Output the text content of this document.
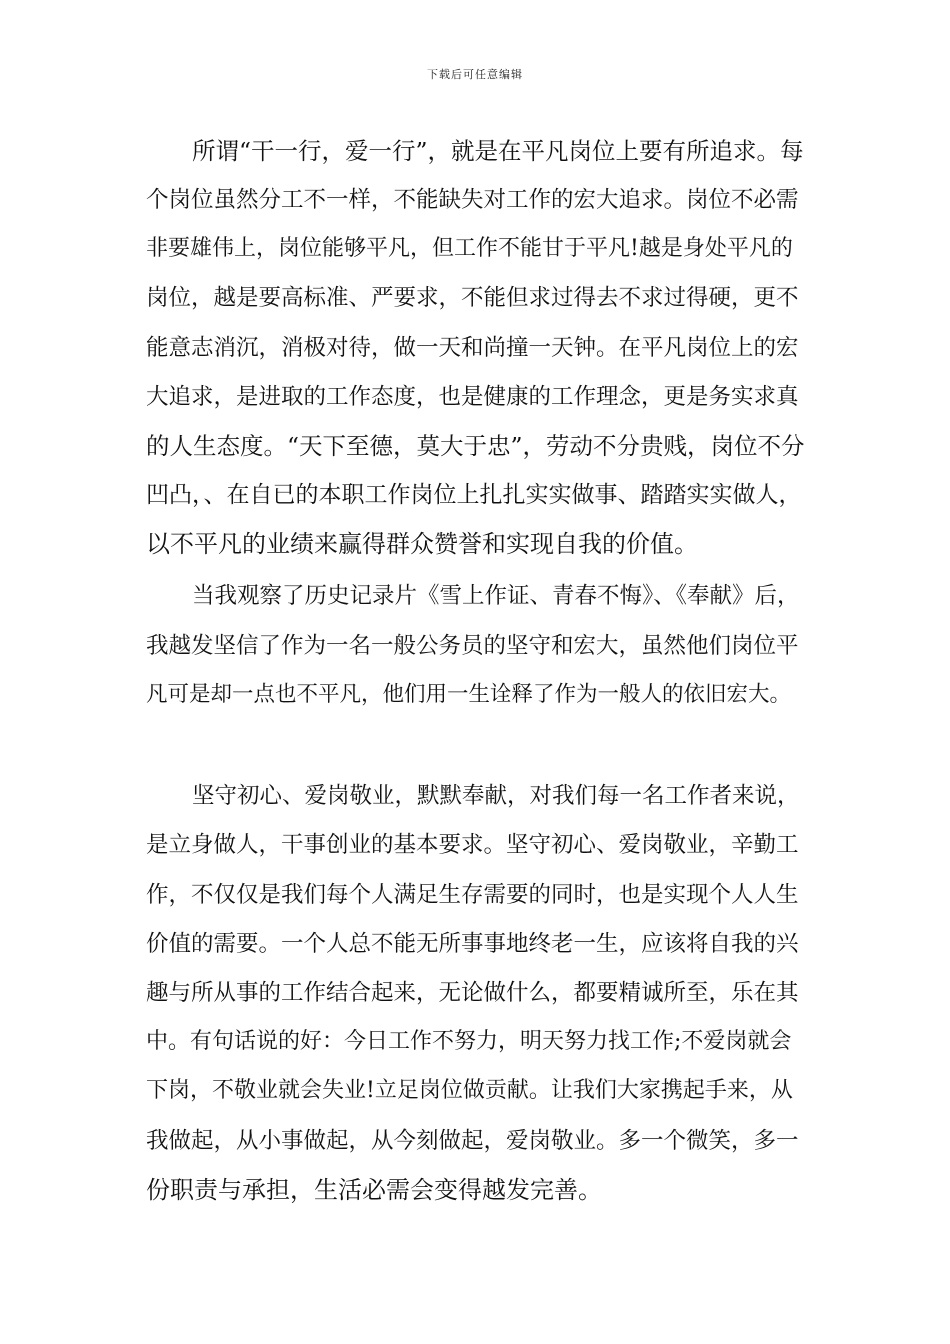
下载后可任意编辑
所谓“干一行，爱一行”，就是在平凡岗位上要有所追求。每
个岗位虽然分工不一样，不能缺失对工作的宏大追求。岗位不必需
非要雄伟上，岗位能够平凡，但工作不能甘于平凡!越是身处平凡的
岗位，越是要高标准、严要求，不能但求过得去不求过得硬，更不
能意志消沉，消极对待，做一天和尚撞一天钟。在平凡岗位上的宏
大追求，是进取的工作态度，也是健康的工作理念，更是务实求真
的人生态度。“天下至德，莫大于忠”，劳动不分贵贱，岗位不分
凹凸，、在自已的本职工作岗位上扎扎实实做事、踏踏实实做人，
以不平凡的业绩来赢得群众赞誉和实现自我的价值。
当我观察了历史记录片《雪上作证、青春不悔》、《奉献》后，
我越发坚信了作为一名一般公务员的坚守和宏大，虽然他们岗位平
凡可是却一点也不平凡，他们用一生诠释了作为一般人的依旧宏大。
坚守初心、爱岗敬业，默默奉献，对我们每一名工作者来说，
是立身做人，干事创业的基本要求。坚守初心、爱岗敬业，辛勤工
作，不仅仅是我们每个人满足生存需要的同时，也是实现个人人生
价值的需要。一个人总不能无所事事地终老一生，应该将自我的兴
趣与所从事的工作结合起来，无论做什么，都要精诚所至，乐在其
中。有句话说的好：今日工作不努力，明天努力找工作;不爱岗就会
下岗，不敬业就会失业!立足岗位做贡献。让我们大家携起手来，从
我做起，从小事做起，从今刻做起，爱岗敬业。多一个微笑，多一
份职责与承担，生活必需会变得越发完善。
